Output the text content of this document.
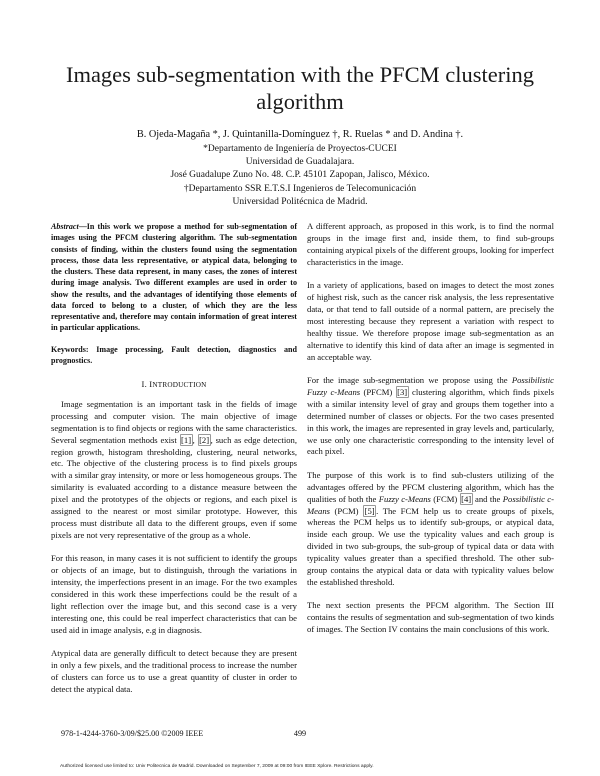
Images sub-segmentation with the PFCM clustering algorithm
B. Ojeda-Magaña *, J. Quintanilla-Domínguez †, R. Ruelas * and D. Andina †.
*Departamento de Ingeniería de Proyectos-CUCEI
Universidad de Guadalajara.
José Guadalupe Zuno No. 48. C.P. 45101 Zapopan, Jalisco, México.
†Departamento SSR E.T.S.I Ingenieros de Telecomunicación
Universidad Politécnica de Madrid.

Abstract—In this work we propose a method for sub-segmentation of images using the PFCM clustering algorithm. The sub-segmentation consists of finding, within the clusters found using the segmentation process, those data less representative, or atypical data, belonging to the clusters. These data represent, in many cases, the zones of interest during image analysis. Two different examples are used in order to show the results, and the advantages of identifying those elements of data forced to belong to a cluster, of which they are the less representative and, therefore may contain information of great interest in particular applications.

Keywords: Image processing, Fault detection, diagnostics and prognostics.

I. INTRODUCTION

Image segmentation is an important task in the fields of image processing and computer vision. The main objective of image segmentation is to find objects or regions with the same characteristics. Several segmentation methods exist [1] , [2] , such as edge detection, region growth, histogram thresholding, clustering, neural networks, etc. The objective of the clustering process is to find pixels groups with a similar gray intensity, or more or less homogeneous groups. The similarity is evaluated according to a distance measure between the pixel and the prototypes of the objects or regions, and each pixel is assigned to the nearest or most similar prototype. However, this process must distribute all data to the different groups, even if some pixels are not very representative of the group as a whole.

For this reason, in many cases it is not sufficient to identify the groups or objects of an image, but to distinguish, through the variations in intensity, the imperfections present in an image. For the two examples considered in this work these imperfections could be the result of a light reflection over the image but, and this second case is a very interesting one, this could be real imperfect characteristics that can be used aid in image analysis, e.g in diagnosis.

Atypical data are generally difficult to detect because they are present in only a few pixels, and the traditional process to increase the number of clusters can force us to use a great quantity of cluster in order to detect the atypical data.

A different approach, as proposed in this work, is to find the normal groups in the image first and, inside them, to find sub-groups containing atypical pixels of the different groups, looking for imperfect characteristics in the image.

In a variety of applications, based on images to detect the most zones of highest risk, such as the cancer risk analysis, the less representative data, or that tend to fall outside of a normal pattern, are precisely the most interesting because they represent a variation with respect to healthy tissue. We therefore propose image sub-segmentation as an alternative to identify this kind of data after an image is segmented in an acceptable way.

For the image sub-segmentation we propose using the Possibilistic Fuzzy c-Means (PFCM) [3] clustering algorithm, which finds pixels with a similar intensity level of gray and groups them together into a determined number of classes or objects. For the two cases presented in this work, the images are represented in gray levels and, particularly, we use only one characteristic corresponding to the intensity level of each pixel.

The purpose of this work is to find sub-clusters utilizing of the advantages offered by the PFCM clustering algorithm, which has the qualities of both the Fuzzy c-Means (FCM) [4] and the Possibilistic c-Means (PCM) [5] . The FCM help us to create groups of pixels, whereas the PCM helps us to identify sub-groups, or atypical data, inside each group. We use the typicality values and each group is divided in two sub-groups, the sub-group of typical data or data with typicality values greater than a specified threshold. The other sub-group contains the atypical data or data with typicality values below the established threshold.

The next section presents the PFCM algorithm. The Section III contains the results of segmentation and sub-segmentation of two kinds of images. The Section IV contains the main conclusions of this work.

978-1-4244-3760-3/09/$25.00 ©2009 IEEE	499
Authorized licensed use limited to: Univ Politecnica de Madrid. Downloaded on September 7, 2009 at 09:00 from IEEE Xplore. Restrictions apply.
